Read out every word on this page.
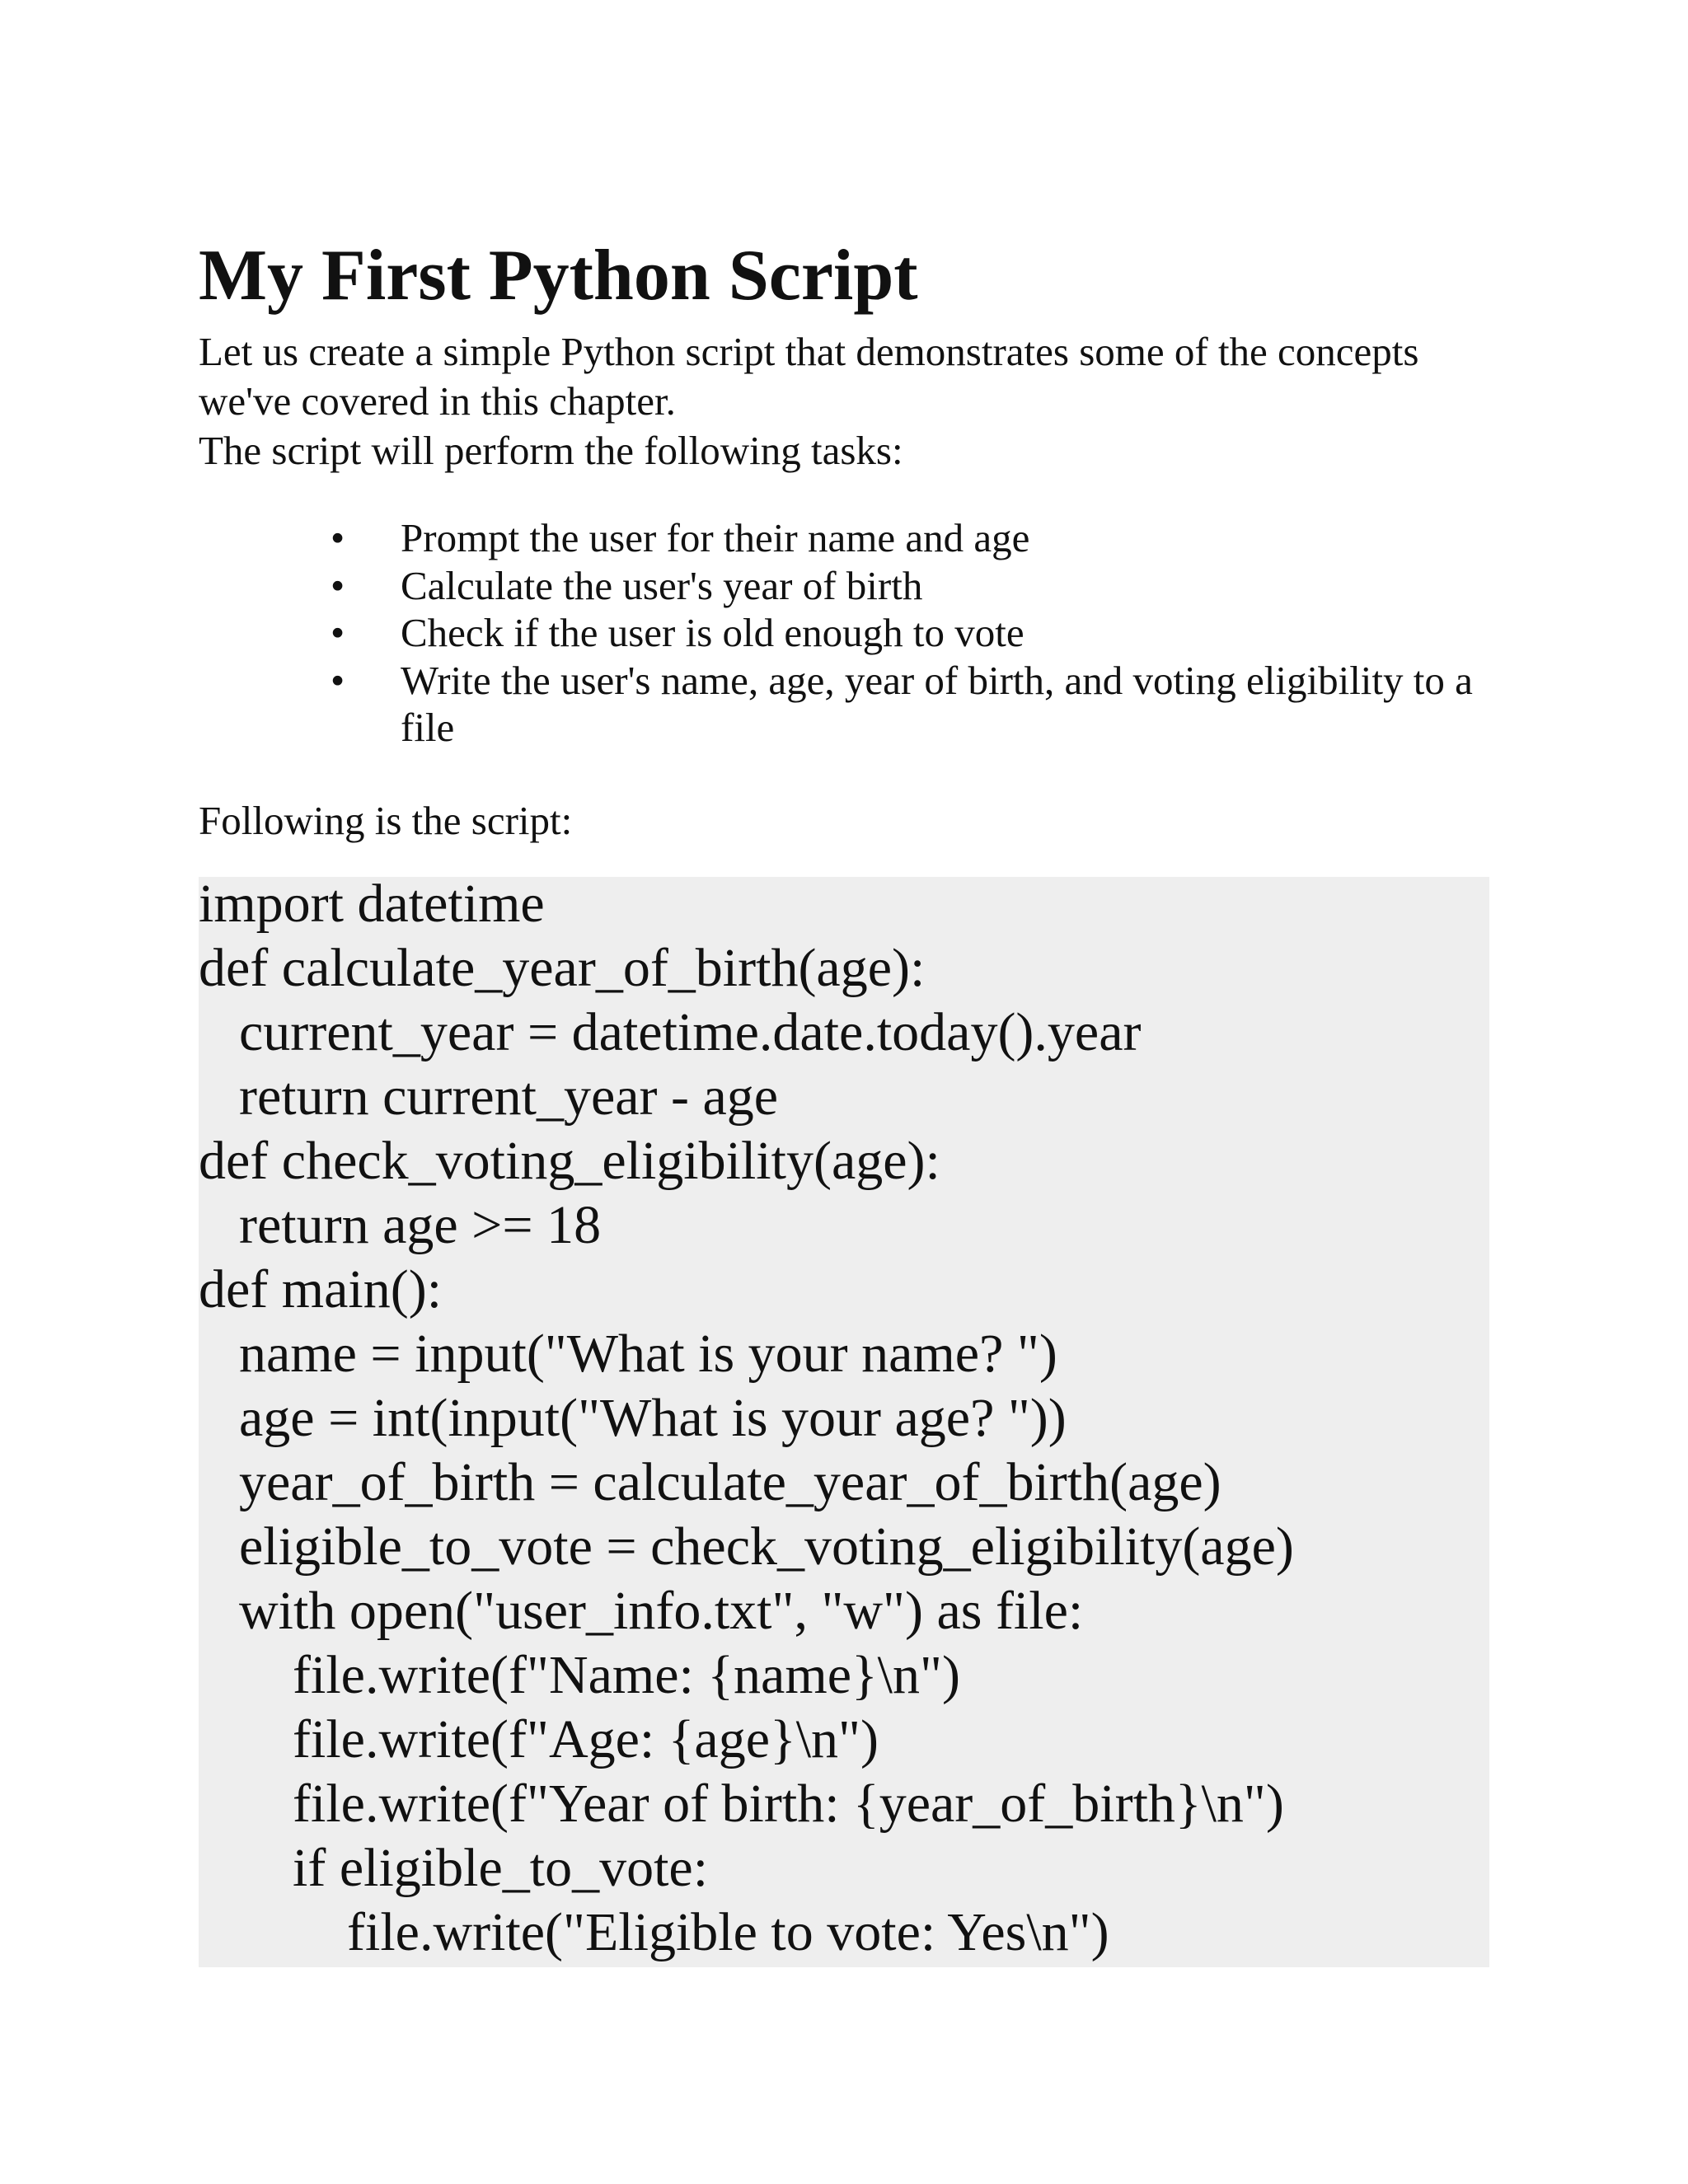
My First Python Script

Let us create a simple Python script that demonstrates some of the concepts we've covered in this chapter.

The script will perform the following tasks:

• Prompt the user for their name and age
• Calculate the user's year of birth
• Check if the user is old enough to vote
• Write the user's name, age, year of birth, and voting eligibility to a file

Following is the script:

import datetime
def calculate_year_of_birth(age):
current_year = datetime.date.today().year
return current_year - age
def check_voting_eligibility(age):
return age >= 18
def main():
name = input("What is your name? ")
age = int(input("What is your age? "))
year_of_birth = calculate_year_of_birth(age)
eligible_to_vote = check_voting_eligibility(age)
with open("user_info.txt", "w") as file:
file.write(f"Name: {name}\n")
file.write(f"Age: {age}\n")
file.write(f"Year of birth: {year_of_birth}\n")
if eligible_to_vote:
file.write("Eligible to vote: Yes\n")
